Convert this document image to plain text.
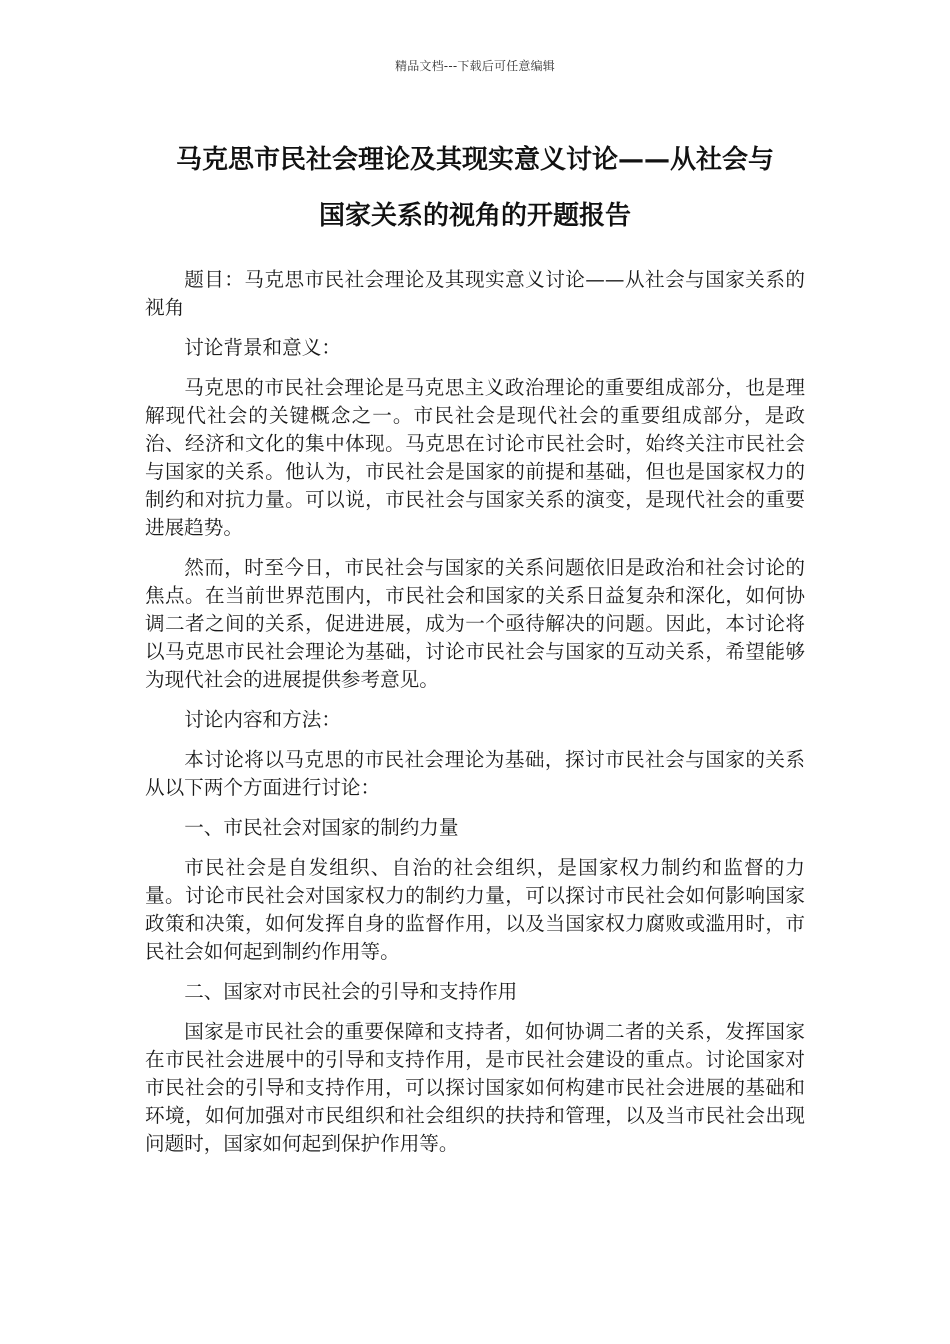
精品文档---下载后可任意编辑
马克思市民社会理论及其现实意义讨论——从社会与
国家关系的视角的开题报告

题目：马克思市民社会理论及其现实意义讨论——从社会与国家关系的视角

讨论背景和意义：

马克思的市民社会理论是马克思主义政治理论的重要组成部分，也是理解现代社会的关键概念之一。市民社会是现代社会的重要组成部分，是政治、经济和文化的集中体现。马克思在讨论市民社会时，始终关注市民社会与国家的关系。他认为，市民社会是国家的前提和基础，但也是国家权力的制约和对抗力量。可以说，市民社会与国家关系的演变，是现代社会的重要进展趋势。

然而，时至今日，市民社会与国家的关系问题依旧是政治和社会讨论的焦点。在当前世界范围内，市民社会和国家的关系日益复杂和深化，如何协调二者之间的关系，促进进展，成为一个亟待解决的问题。因此，本讨论将以马克思市民社会理论为基础，讨论市民社会与国家的互动关系，希望能够为现代社会的进展提供参考意见。

讨论内容和方法：

本讨论将以马克思的市民社会理论为基础，探讨市民社会与国家的关系从以下两个方面进行讨论：

一、市民社会对国家的制约力量

市民社会是自发组织、自治的社会组织，是国家权力制约和监督的力量。讨论市民社会对国家权力的制约力量，可以探讨市民社会如何影响国家政策和决策，如何发挥自身的监督作用，以及当国家权力腐败或滥用时，市民社会如何起到制约作用等。

二、国家对市民社会的引导和支持作用

国家是市民社会的重要保障和支持者，如何协调二者的关系，发挥国家在市民社会进展中的引导和支持作用，是市民社会建设的重点。讨论国家对市民社会的引导和支持作用，可以探讨国家如何构建市民社会进展的基础和环境，如何加强对市民组织和社会组织的扶持和管理，以及当市民社会出现问题时，国家如何起到保护作用等。
